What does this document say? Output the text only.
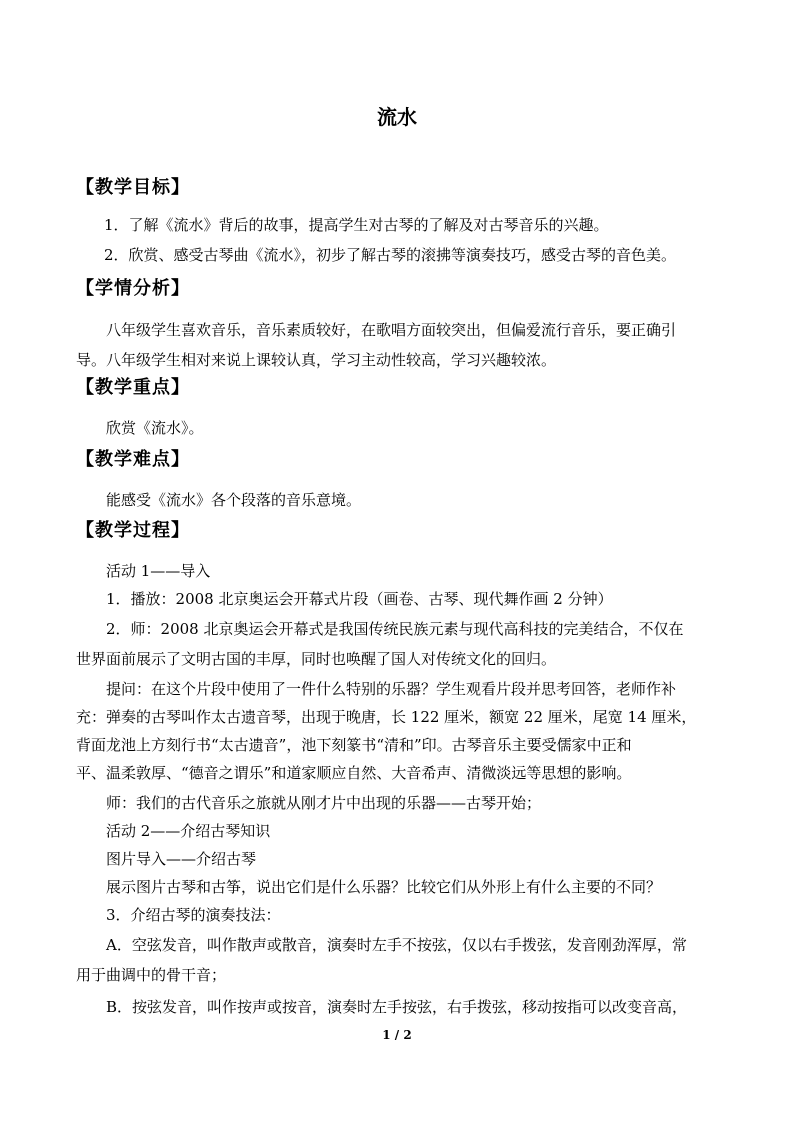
流水
【教学目标】
1．了解《流水》背后的故事，提高学生对古琴的了解及对古琴音乐的兴趣。
2．欣赏、感受古琴曲《流水》，初步了解古琴的滚拂等演奏技巧，感受古琴的音色美。
【学情分析】
八年级学生喜欢音乐，音乐素质较好，在歌唱方面较突出，但偏爱流行音乐，要正确引
导。八年级学生相对来说上课较认真，学习主动性较高，学习兴趣较浓。
【教学重点】
欣赏《流水》。
【教学难点】
能感受《流水》各个段落的音乐意境。
【教学过程】
活动 1——导入
1．播放：2008 北京奥运会开幕式片段（画卷、古琴、现代舞作画 2 分钟）
2．师：2008 北京奥运会开幕式是我国传统民族元素与现代高科技的完美结合，不仅在
世界面前展示了文明古国的丰厚，同时也唤醒了国人对传统文化的回归。
提问：在这个片段中使用了一件什么特别的乐器？学生观看片段并思考回答，老师作补
充：弹奏的古琴叫作太古遗音琴，出现于晚唐，长 122 厘米，额宽 22 厘米，尾宽 14 厘米，
背面龙池上方刻行书“太古遗音”，池下刻篆书“清和”印。古琴音乐主要受儒家中正和
平、温柔敦厚、“德音之谓乐”和道家顺应自然、大音希声、清微淡远等思想的影响。
师：我们的古代音乐之旅就从刚才片中出现的乐器——古琴开始；
活动 2——介绍古琴知识
图片导入——介绍古琴
展示图片古琴和古筝，说出它们是什么乐器？比较它们从外形上有什么主要的不同？
3．介绍古琴的演奏技法：
A．空弦发音，叫作散声或散音，演奏时左手不按弦，仅以右手拨弦，发音刚劲浑厚，常
用于曲调中的骨干音；
B．按弦发音，叫作按声或按音，演奏时左手按弦，右手拨弦，移动按指可以改变音高，
1 / 2
